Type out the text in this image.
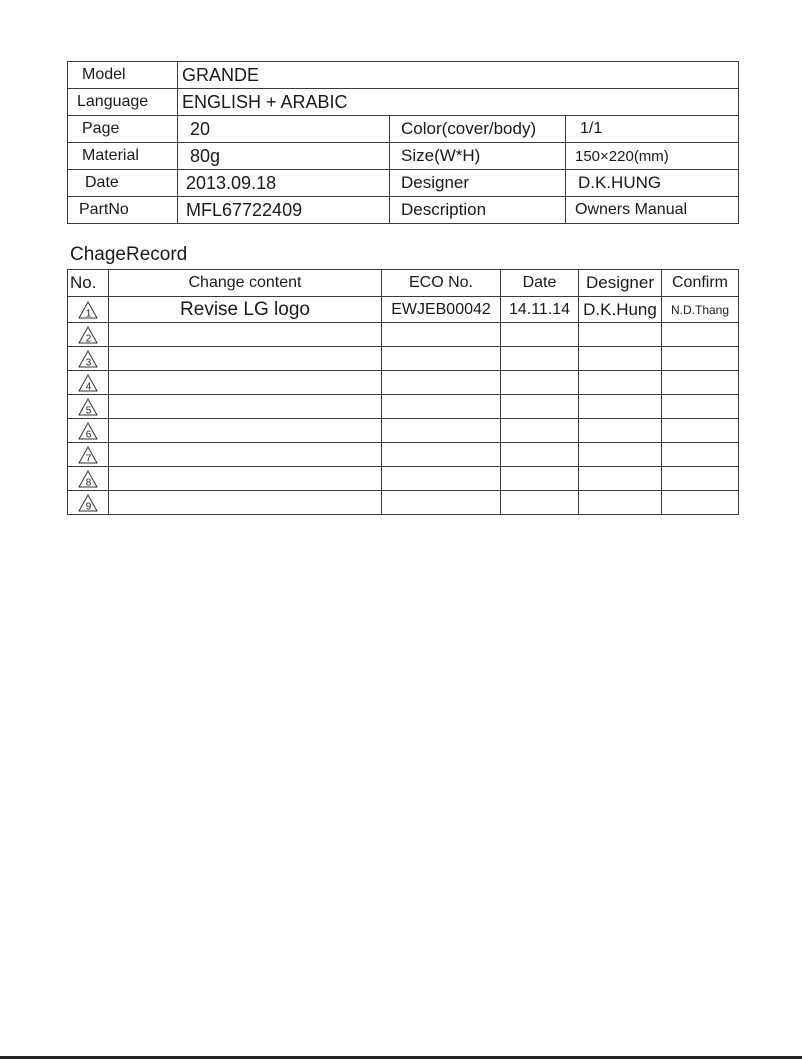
Model	GRANDE		
Language	ENGLISH + ARABIC		
Page	20	Color(cover/body)	1/1
Material	80g	Size(W*H)	150×220(mm)
Date	2013.09.18	Designer	D.K.HUNG
PartNo	MFL67722409	Description	Owners Manual
ChageRecord
No.	Change content	ECO No.	Date	Designer	Confirm

1	Revise LG logo	EWJEB00042	14.11.14	D.K.Hung	N.D.Thang

2					

3					

4					

5					

6					

7					

8					

9					
